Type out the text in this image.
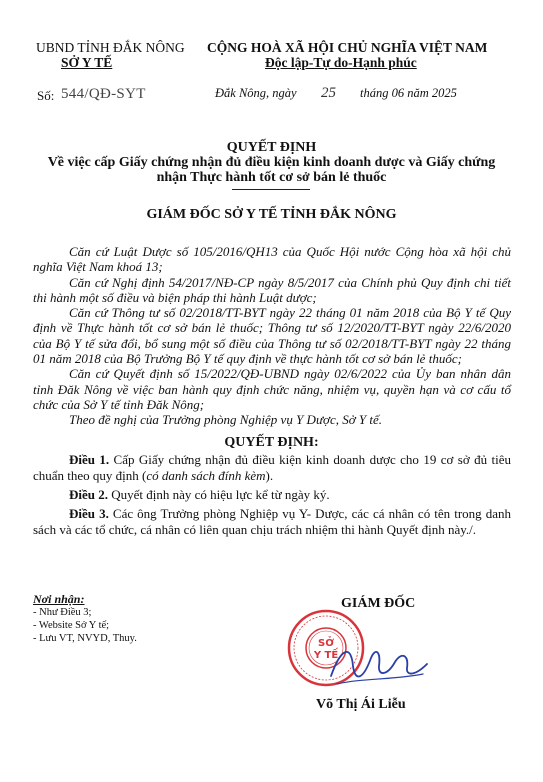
UBND TỈNH ĐẮK NÔNG
SỞ Y TẾ
CỘNG HOÀ XÃ HỘI CHỦ NGHĨA VIỆT NAM
Độc lập-Tự do-Hạnh phúc
Số: 544/QĐ-SYT	Đắk Nông, ngày 25 tháng 06 năm 2025
QUYẾT ĐỊNH
Về việc cấp Giấy chứng nhận đủ điều kiện kinh doanh dược và Giấy chứng
nhận Thực hành tốt cơ sở bán lẻ thuốc
GIÁM ĐỐC SỞ Y TẾ TỈNH ĐẮK NÔNG

Căn cứ Luật Dược số 105/2016/QH13 của Quốc Hội nước Cộng hòa xã hội chủ nghĩa Việt Nam khoá 13;

Căn cứ Nghị định 54/2017/NĐ-CP ngày 8/5/2017 của Chính phủ Quy định chi tiết thi hành một số điều và biện pháp thi hành Luật dược;

Căn cứ Thông tư số 02/2018/TT-BYT ngày 22 tháng 01 năm 2018 của Bộ Y tế Quy định về Thực hành tốt cơ sở bán lẻ thuốc; Thông tư số 12/2020/TT-BYT ngày 22/6/2020 của Bộ Y tế sửa đổi, bổ sung một số điều của Thông tư số 02/2018/TT-BYT ngày 22 tháng 01 năm 2018 của Bộ Trưởng Bộ Y tế quy định về thực hành tốt cơ sở bán lẻ thuốc;

Căn cứ Quyết định số 15/2022/QĐ-UBND ngày 02/6/2022 của Ủy ban nhân dân tỉnh Đăk Nông về việc ban hành quy định chức năng, nhiệm vụ, quyền hạn và cơ cấu tổ chức của Sở Y tế tỉnh Đăk Nông;

Theo đề nghị của Trưởng phòng Nghiệp vụ Y Dược, Sở Y tế.

QUYẾT ĐỊNH:

Điều 1. Cấp Giấy chứng nhận đủ điều kiện kinh doanh dược cho 19 cơ sở đủ tiêu chuẩn theo quy định (có danh sách đính kèm).

Điều 2. Quyết định này có hiệu lực kể từ ngày ký.

Điều 3. Các ông Trưởng phòng Nghiệp vụ Y- Dược, các cá nhân có tên trong danh sách và các tổ chức, cá nhân có liên quan chịu trách nhiệm thi hành Quyết định này./.

Nơi nhận:
- Như Điều 3;
- Website Sở Y tế;
- Lưu VT, NVYD, Thuy.
GIÁM ĐỐC
SỞ
Y TẾ
Võ Thị Ái Liễu
